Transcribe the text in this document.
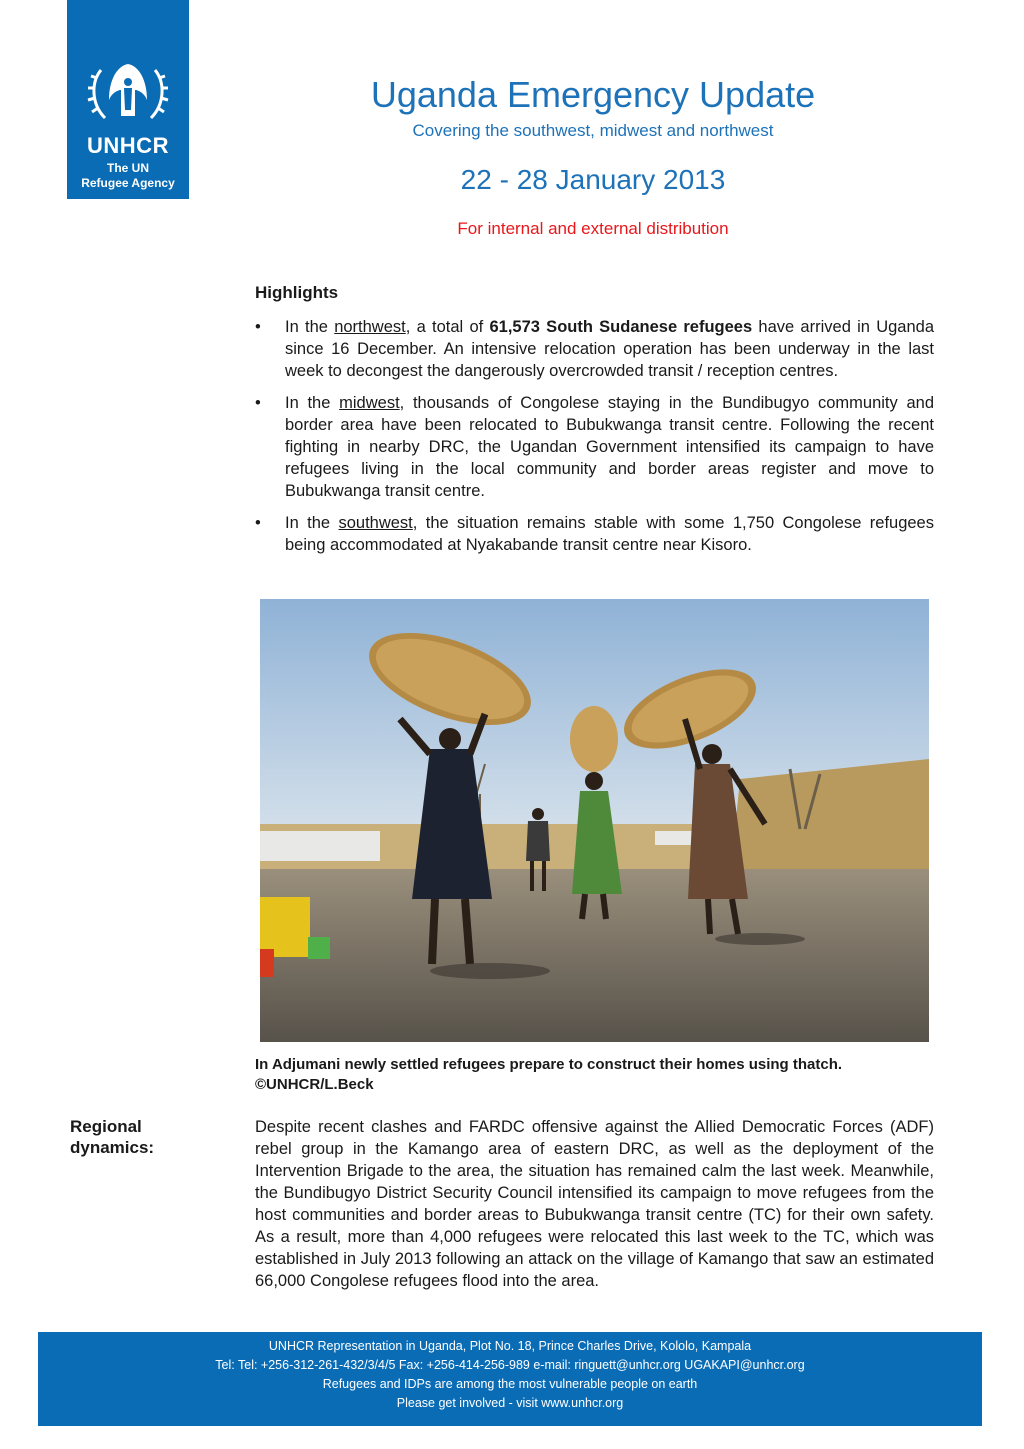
UNHCR
The UN
Refugee Agency
Uganda Emergency Update
Covering the southwest, midwest and northwest
22 - 28 January 2013
For internal and external distribution
Highlights
• In the northwest, a total of 61,573 South Sudanese refugees have arrived in Uganda since 16 December. An intensive relocation operation has been underway in the last week to decongest the dangerously overcrowded transit / reception centres.
• In the midwest, thousands of Congolese staying in the Bundibugyo community and border area have been relocated to Bubukwanga transit centre. Following the recent fighting in nearby DRC, the Ugandan Government intensified its campaign to have refugees living in the local community and border areas register and move to Bubukwanga transit centre.
• In the southwest, the situation remains stable with some 1,750 Congolese refugees being accommodated at Nyakabande transit centre near Kisoro.
In Adjumani newly settled refugees prepare to construct their homes using thatch.
©UNHCR/L.Beck
Regional
dynamics:

Despite recent clashes and FARDC offensive against the Allied Democratic Forces (ADF) rebel group in the Kamango area of eastern DRC, as well as the deployment of the Intervention Brigade to the area, the situation has remained calm the last week. Meanwhile, the Bundibugyo District Security Council intensified its campaign to move refugees from the host communities and border areas to Bubukwanga transit centre (TC) for their own safety. As a result, more than 4,000 refugees were relocated this last week to the TC, which was established in July 2013 following an attack on the village of Kamango that saw an estimated 66,000 Congolese refugees flood into the area.

UNHCR Representation in Uganda, Plot No. 18, Prince Charles Drive, Kololo, Kampala
Tel: Tel: +256-312-261-432/3/4/5 Fax: +256-414-256-989 e-mail: ringuett@unhcr.org UGAKAPI@unhcr.org
Refugees and IDPs are among the most vulnerable people on earth
Please get involved - visit www.unhcr.org
